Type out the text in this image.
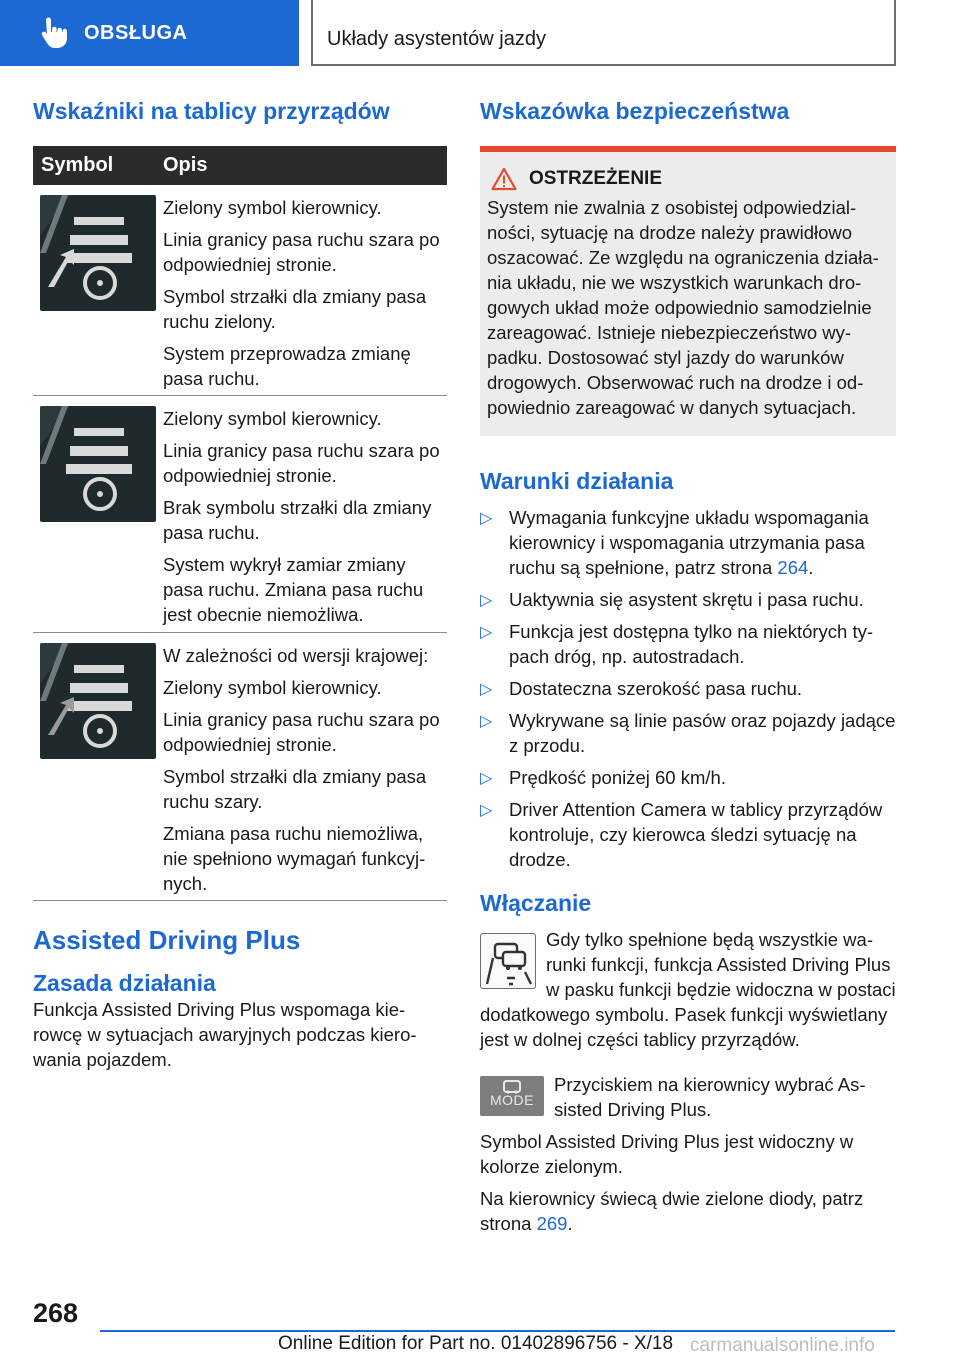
OBSŁUGA	Układy asystentów jazdy
Wskaźniki na tablicy przyrządów
Symbol	Opis

Zielony symbol kierownicy.

Linia granicy pasa ruchu szara po odpowiedniej stronie.

Symbol strzałki dla zmiany pasa ruchu zielony.

System przeprowadza zmianę pasa ruchu.

Zielony symbol kierownicy.

Linia granicy pasa ruchu szara po odpowiedniej stronie.

Brak symbolu strzałki dla zmiany pasa ruchu.

System wykrył zamiar zmiany pasa ruchu. Zmiana pasa ruchu jest obecnie niemożliwa.

W zależności od wersji krajowej:

Zielony symbol kierownicy.

Linia granicy pasa ruchu szara po odpowiedniej stronie.

Symbol strzałki dla zmiany pasa ruchu szary.

Zmiana pasa ruchu niemożliwa, nie spełniono wymagań funkcyjnych.

Assisted Driving Plus
Zasada działania
Funkcja Assisted Driving Plus wspomaga kierowcę w sytuacjach awaryjnych podczas kierowania pojazdem.
Wskazówka bezpieczeństwa
OSTRZEŻENIE
System nie zwalnia z osobistej odpowiedzialności, sytuację na drodze należy prawidłowo oszacować. Ze względu na ograniczenia działania układu, nie we wszystkich warunkach drogowych układ może odpowiednio samodzielnie zareagować. Istnieje niebezpieczeństwo wypadku. Dostosować styl jazdy do warunków drogowych. Obserwować ruch na drodze i odpowiednio zareagować w danych sytuacjach.
Warunki działania
▷ Wymagania funkcyjne układu wspomagania kierownicy i wspomagania utrzymania pasa ruchu są spełnione, patrz strona 264.
▷ Uaktywnia się asystent skrętu i pasa ruchu.
▷ Funkcja jest dostępna tylko na niektórych typach dróg, np. autostradach.
▷ Dostateczna szerokość pasa ruchu.
▷ Wykrywane są linie pasów oraz pojazdy jadące z przodu.
▷ Prędkość poniżej 60 km/h.
▷ Driver Attention Camera w tablicy przyrządów kontroluje, czy kierowca śledzi sytuację na drodze.
Włączanie
Gdy tylko spełnione będą wszystkie warunki funkcji, funkcja Assisted Driving Plus w pasku funkcji będzie widoczna w postaci dodatkowego symbolu. Pasek funkcji wyświetlany jest w dolnej części tablicy przyrządów.
MODE
Przyciskiem na kierownicy wybrać Assisted Driving Plus.
Symbol Assisted Driving Plus jest widoczny w kolorze zielonym.
Na kierownicy świecą dwie zielone diody, patrz strona 269.
268
Online Edition for Part no. 01402896756 - X/18 carmanualsonline.info
